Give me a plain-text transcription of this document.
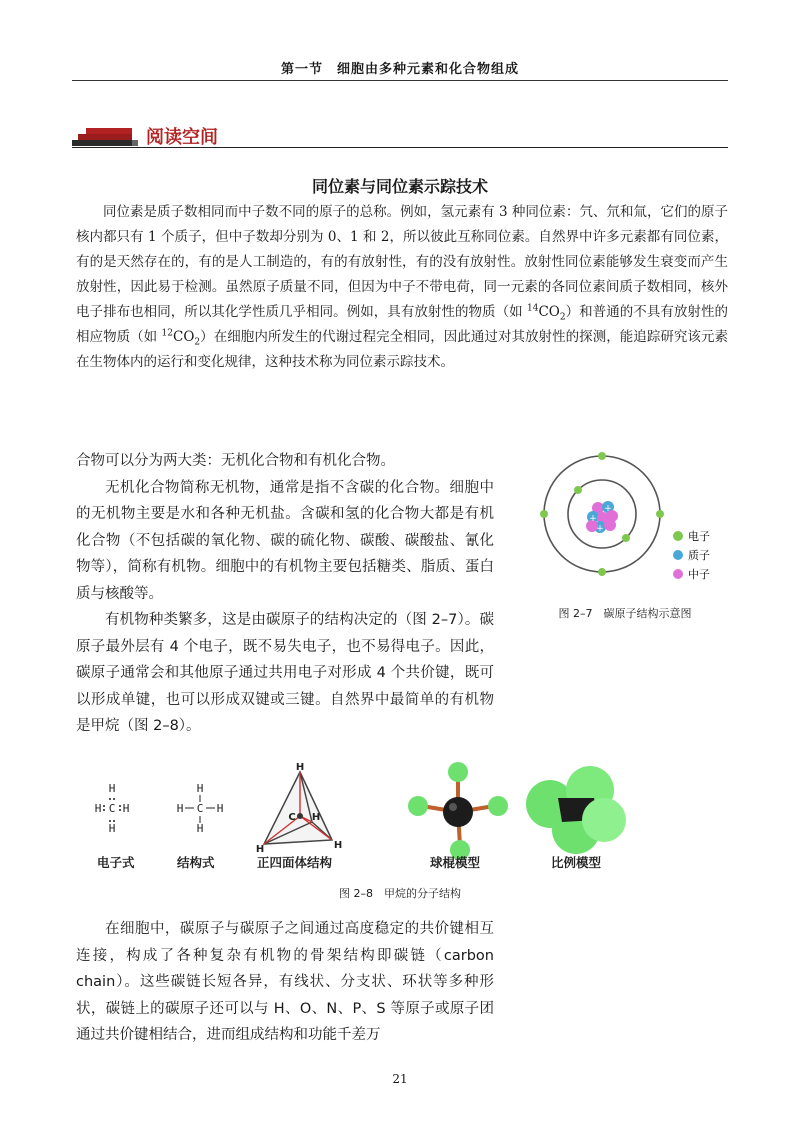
第一节　细胞由多种元素和化合物组成
阅读空间
同位素与同位素示踪技术

同位素是质子数相同而中子数不同的原子的总称。例如，氢元素有 3 种同位素：氕、氘和氚，它们的原子核内都只有 1 个质子，但中子数却分别为 0、1 和 2，所以彼此互称同位素。自然界中许多元素都有同位素，有的是天然存在的，有的是人工制造的，有的有放射性，有的没有放射性。放射性同位素能够发生衰变而产生放射性，因此易于检测。虽然原子质量不同，但因为中子不带电荷，同一元素的各同位素间质子数相同，核外电子排布也相同，所以其化学性质几乎相同。例如，具有放射性的物质（如 $^{14}CO_2$）和普通的不具有放射性的相应物质（如 $^{12}CO_2$）在细胞内所发生的代谢过程完全相同，因此通过对其放射性的探测，能追踪研究该元素在生物体内的运行和变化规律，这种技术称为同位素示踪技术。

合物可以分为两大类：无机化合物和有机化合物。

无机化合物简称无机物，通常是指不含碳的化合物。细胞中的无机物主要是水和各种无机盐。含碳和氢的化合物大都是有机化合物（不包括碳的氧化物、碳的硫化物、碳酸、碳酸盐、氰化物等），简称有机物。细胞中的有机物主要包括糖类、脂质、蛋白质与核酸等。

有机物种类繁多，这是由碳原子的结构决定的（图 2–7）。碳原子最外层有 4 个电子，既不易失电子，也不易得电子。因此，碳原子通常会和其他原子通过共用电子对形成 4 个共价键，既可以形成单键，也可以形成双键或三键。自然界中最简单的有机物是甲烷（图 2–8）。

+
+
+
电子
质子
中子
图 2–7　碳原子结构示意图
H
H C H
H
H
H C H
H
H
H	H
H
C
电子式	结构式	正四面体结构	球棍模型	比例模型
图 2–8　甲烷的分子结构

在细胞中，碳原子与碳原子之间通过高度稳定的共价键相互连接，构成了各种复杂有机物的骨架结构即碳链（carbon chain）。这些碳链长短各异，有线状、分支状、环状等多种形状，碳链上的碳原子还可以与 H、O、N、P、S 等原子或原子团通过共价键相结合，进而组成结构和功能千差万

21
